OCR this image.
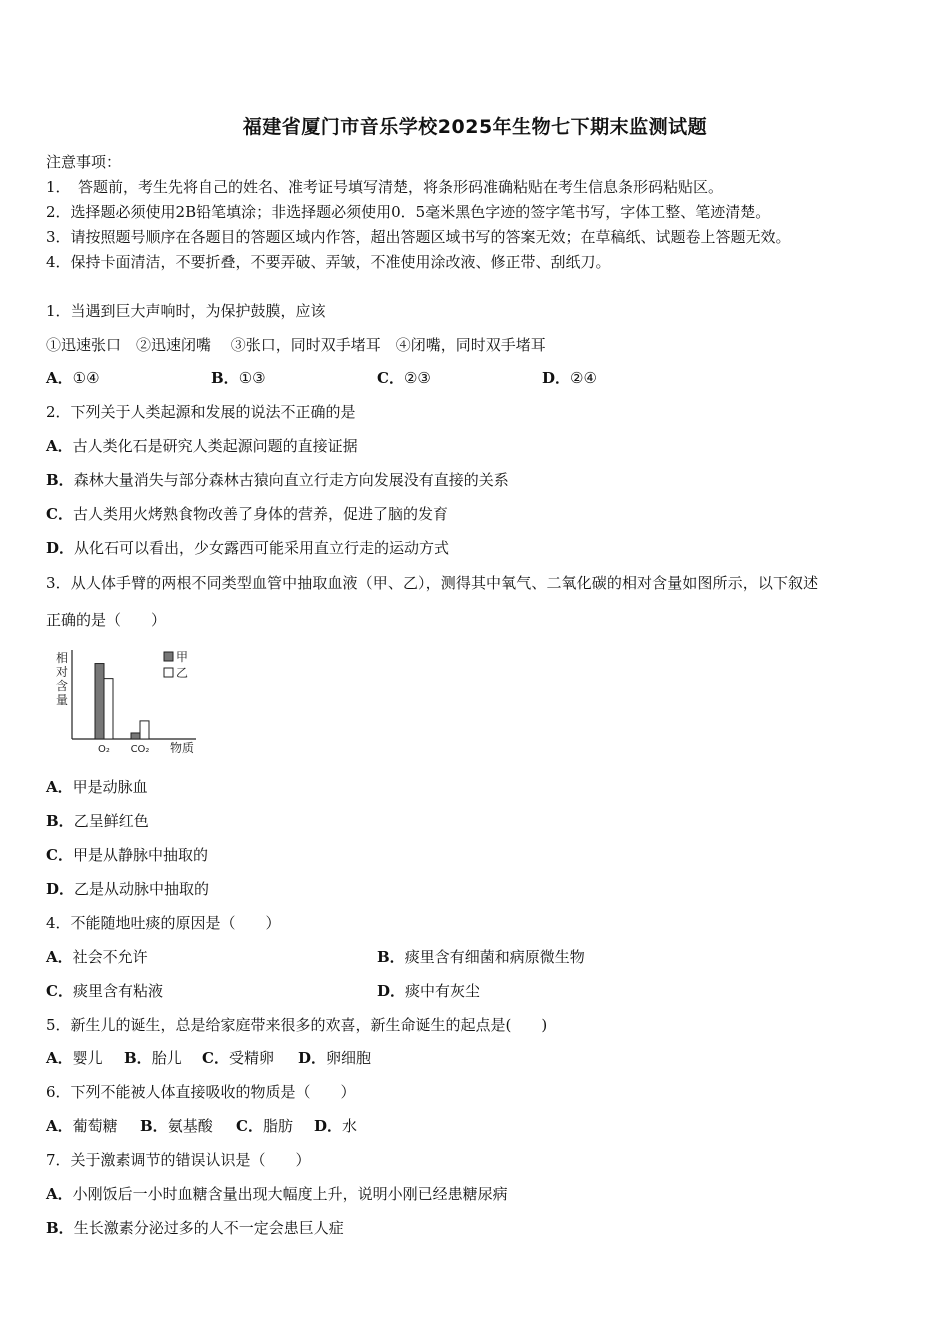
福建省厦门市音乐学校2025年生物七下期末监测试题
注意事项：
1．　答题前，考生先将自己的姓名、准考证号填写清楚，将条形码准确粘贴在考生信息条形码粘贴区。
2．选择题必须使用2B铅笔填涂；非选择题必须使用0．5毫米黑色字迹的签字笔书写，字体工整、笔迹清楚。
3．请按照题号顺序在各题目的答题区域内作答，超出答题区域书写的答案无效；在草稿纸、试题卷上答题无效。
4．保持卡面清洁，不要折叠，不要弄破、弄皱，不准使用涂改液、修正带、刮纸刀。
1．当遇到巨大声响时，为保护鼓膜，应该
①迅速张口　②迅速闭嘴　 ③张口，同时双手堵耳　④闭嘴，同时双手堵耳
A．①④	B．①③	C．②③	D．②④
2．下列关于人类起源和发展的说法不正确的是
A．古人类化石是研究人类起源问题的直接证据
B．森林大量消失与部分森林古猿向直立行走方向发展没有直接的关系
C．古人类用火烤熟食物改善了身体的营养，促进了脑的发育
D．从化石可以看出，少女露西可能采用直立行走的运动方式
3．从人体手臂的两根不同类型血管中抽取血液（甲、乙），测得其中氧气、二氧化碳的相对含量如图所示，以下叙述
正确的是（　　）
相
对
含
量
O₂ CO₂ 物质
甲
乙
A．甲是动脉血
B．乙呈鲜红色
C．甲是从静脉中抽取的
D．乙是从动脉中抽取的
4．不能随地吐痰的原因是（　　）
A．社会不允许	B．痰里含有细菌和病原微生物
C．痰里含有粘液	D．痰中有灰尘
5．新生儿的诞生，总是给家庭带来很多的欢喜，新生命诞生的起点是(　　)
A．婴儿 B．胎儿 C．受精卵 D．卵细胞
6．下列不能被人体直接吸收的物质是（　　）
A．葡萄糖 B．氨基酸 C．脂肪 D．水
7．关于激素调节的错误认识是（　　）
A．小刚饭后一小时血糖含量出现大幅度上升，说明小刚已经患糖尿病
B．生长激素分泌过多的人不一定会患巨人症
